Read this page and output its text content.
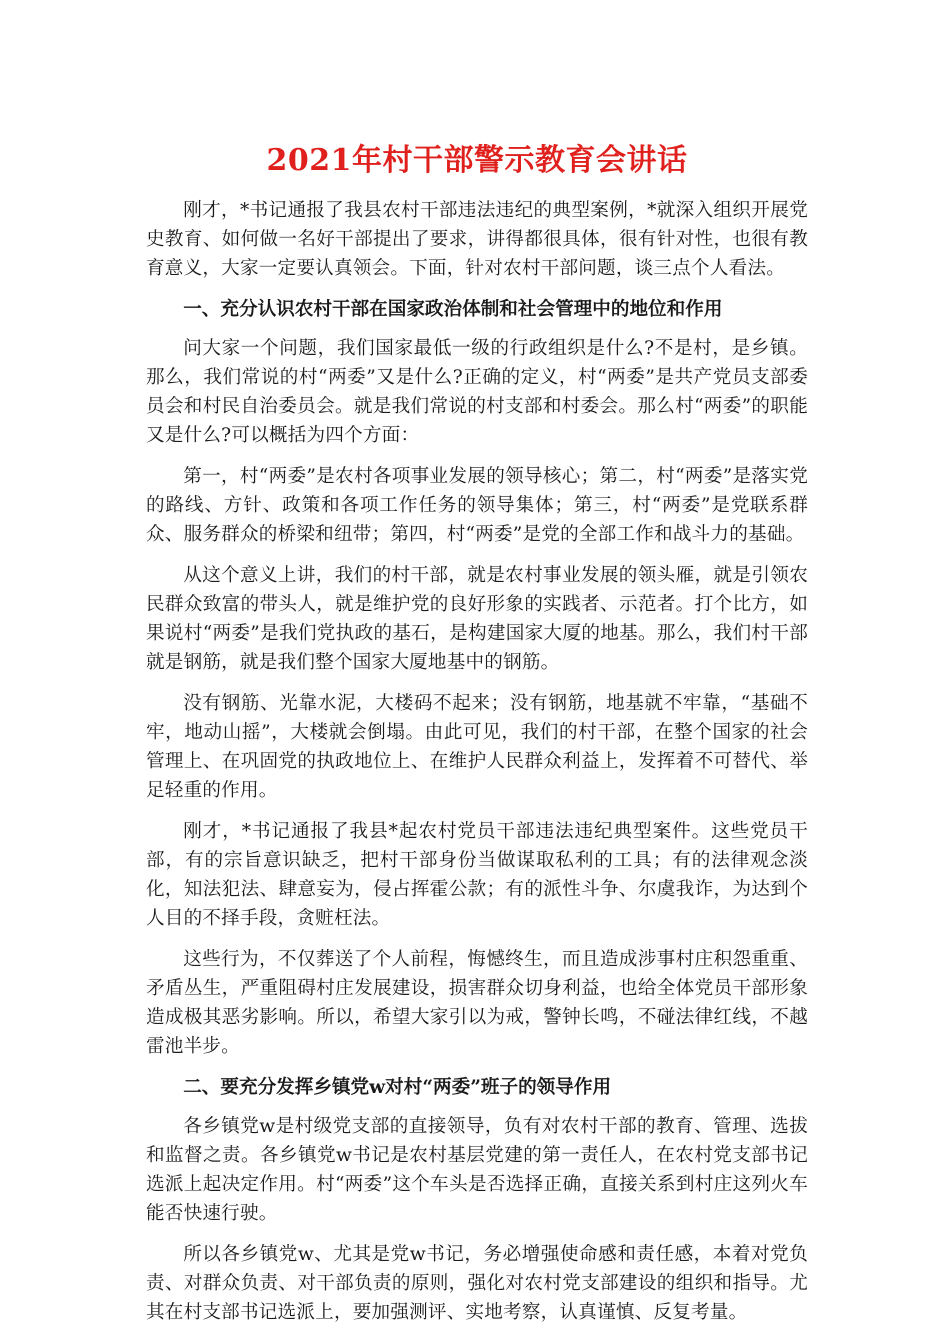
2021年村干部警示教育会讲话

刚才，*书记通报了我县农村干部违法违纪的典型案例，*就深入组织开展党史教育、如何做一名好干部提出了要求，讲得都很具体，很有针对性，也很有教育意义，大家一定要认真领会。下面，针对农村干部问题，谈三点个人看法。

一、充分认识农村干部在国家政治体制和社会管理中的地位和作用

问大家一个问题，我们国家最低一级的行政组织是什么?不是村，是乡镇。那么，我们常说的村“两委”又是什么?正确的定义，村“两委”是共产党员支部委员会和村民自治委员会。就是我们常说的村支部和村委会。那么村“两委”的职能又是什么?可以概括为四个方面：

第一，村“两委”是农村各项事业发展的领导核心；第二，村“两委”是落实党的路线、方针、政策和各项工作任务的领导集体；第三，村“两委”是党联系群众、服务群众的桥梁和纽带；第四，村“两委”是党的全部工作和战斗力的基础。

从这个意义上讲，我们的村干部，就是农村事业发展的领头雁，就是引领农民群众致富的带头人，就是维护党的良好形象的实践者、示范者。打个比方，如果说村“两委”是我们党执政的基石，是构建国家大厦的地基。那么，我们村干部就是钢筋，就是我们整个国家大厦地基中的钢筋。

没有钢筋、光靠水泥，大楼码不起来；没有钢筋，地基就不牢靠，“基础不牢，地动山摇”，大楼就会倒塌。由此可见，我们的村干部，在整个国家的社会管理上、在巩固党的执政地位上、在维护人民群众利益上，发挥着不可替代、举足轻重的作用。

刚才，*书记通报了我县*起农村党员干部违法违纪典型案件。这些党员干部，有的宗旨意识缺乏，把村干部身份当做谋取私利的工具；有的法律观念淡化，知法犯法、肆意妄为，侵占挥霍公款；有的派性斗争、尔虞我诈，为达到个人目的不择手段，贪赃枉法。

这些行为，不仅葬送了个人前程，悔憾终生，而且造成涉事村庄积怨重重、矛盾丛生，严重阻碍村庄发展建设，损害群众切身利益，也给全体党员干部形象造成极其恶劣影响。所以，希望大家引以为戒，警钟长鸣，不碰法律红线，不越雷池半步。

二、要充分发挥乡镇党w对村“两委”班子的领导作用

各乡镇党w是村级党支部的直接领导，负有对农村干部的教育、管理、选拔和监督之责。各乡镇党w书记是农村基层党建的第一责任人，在农村党支部书记选派上起决定作用。村“两委”这个车头是否选择正确，直接关系到村庄这列火车能否快速行驶。

所以各乡镇党w、尤其是党w书记，务必增强使命感和责任感，本着对党负责、对群众负责、对干部负责的原则，强化对农村党支部建设的组织和指导。尤其在村支部书记选派上，要加强测评、实地考察，认真谨慎、反复考量。
